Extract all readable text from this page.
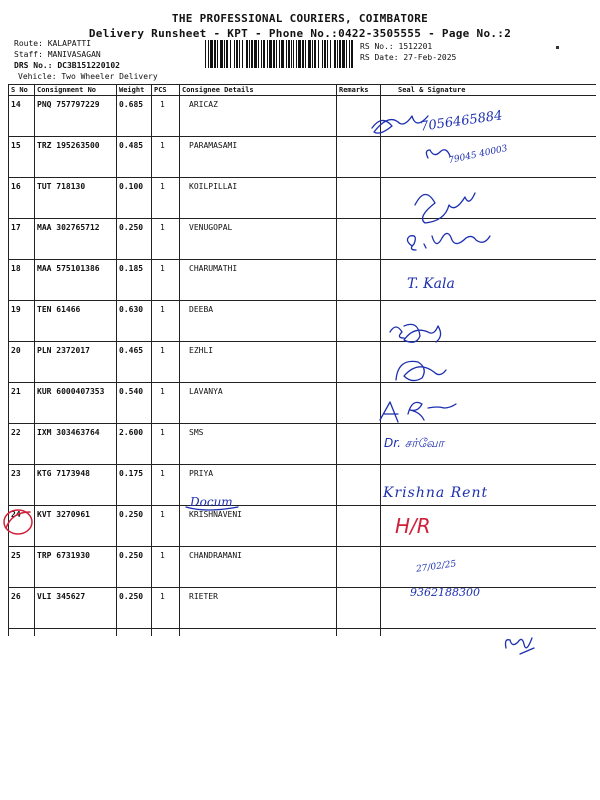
THE PROFESSIONAL COURIERS, COIMBATORE
Delivery Runsheet - KPT - Phone No.:0422-3505555 - Page No.:2
Route: KALAPATTI
Staff: MANIVASAGAN
DRS No.: DC3B151220102
Vehicle: Two Wheeler Delivery
RS No.: 1512201
RS Date: 27-Feb-2025
S No Consignment No	Weight PCS Consignee Details	Remarks	Seal & Signature
14 PNQ 757797229 0.685 1	ARICAZ
15 TRZ 195263500 0.485 1	PARAMASAMI
16 TUT 718130	0.100 1	KOILPILLAI
17 MAA 302765712 0.250 1	VENUGOPAL
18 MAA 575101386 0.185 1	CHARUMATHI
19 TEN 61466	0.630 1	DEEBA
20 PLN 2372017	0.465 1	EZHLI
21 KUR 6000407353 0.540 1	LAVANYA
22 IXM 303463764 2.600 1	SMS
23 KTG 7173948	0.175 1	PRIYA
24 KVT 3270961	0.250 1	KRISHNAVENI
25 TRP 6731930	0.250 1	CHANDRAMANI
26 VLI 345627	0.250 1	RIETER
7056465884
79045 40003
T. Kala
Dr. சர்வோ
Docum
Krishna Rent
H/R
27/02/25
9362188300
